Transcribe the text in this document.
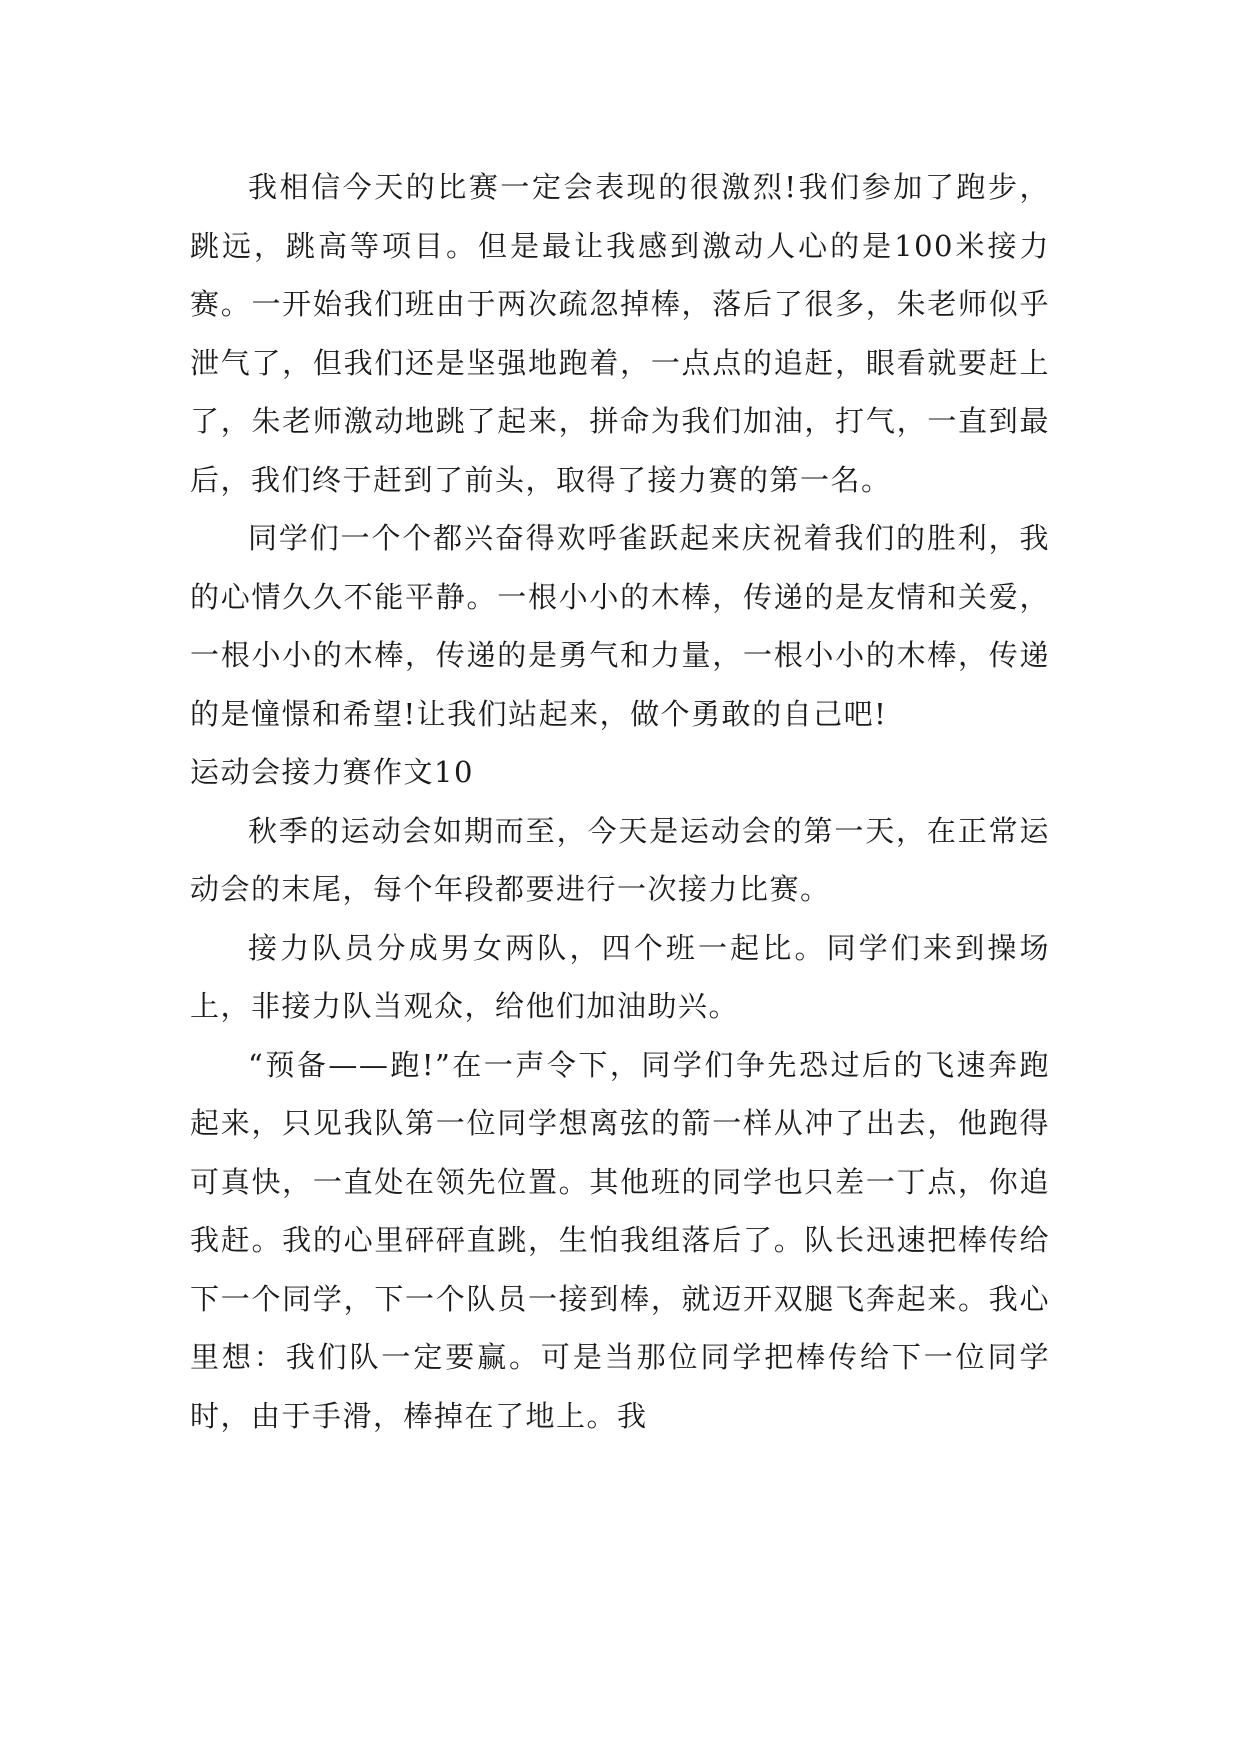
我相信今天的比赛一定会表现的很激烈!我们参加了跑步，跳远，跳高等项目。但是最让我感到激动人心的是100米接力赛。一开始我们班由于两次疏忽掉棒，落后了很多，朱老师似乎泄气了，但我们还是坚强地跑着，一点点的追赶，眼看就要赶上了，朱老师激动地跳了起来，拼命为我们加油，打气，一直到最后，我们终于赶到了前头，取得了接力赛的第一名。

同学们一个个都兴奋得欢呼雀跃起来庆祝着我们的胜利，我的心情久久不能平静。一根小小的木棒，传递的是友情和关爱，一根小小的木棒，传递的是勇气和力量，一根小小的木棒，传递的是憧憬和希望!让我们站起来，做个勇敢的自己吧!

运动会接力赛作文10

秋季的运动会如期而至，今天是运动会的第一天，在正常运动会的末尾，每个年段都要进行一次接力比赛。

接力队员分成男女两队，四个班一起比。同学们来到操场上，非接力队当观众，给他们加油助兴。

“预备——跑!”在一声令下，同学们争先恐过后的飞速奔跑起来，只见我队第一位同学想离弦的箭一样从冲了出去，他跑得可真快，一直处在领先位置。其他班的同学也只差一丁点，你追我赶。我的心里砰砰直跳，生怕我组落后了。队长迅速把棒传给下一个同学，下一个队员一接到棒，就迈开双腿飞奔起来。我心里想：我们队一定要赢。可是当那位同学把棒传给下一位同学时，由于手滑，棒掉在了地上。我
